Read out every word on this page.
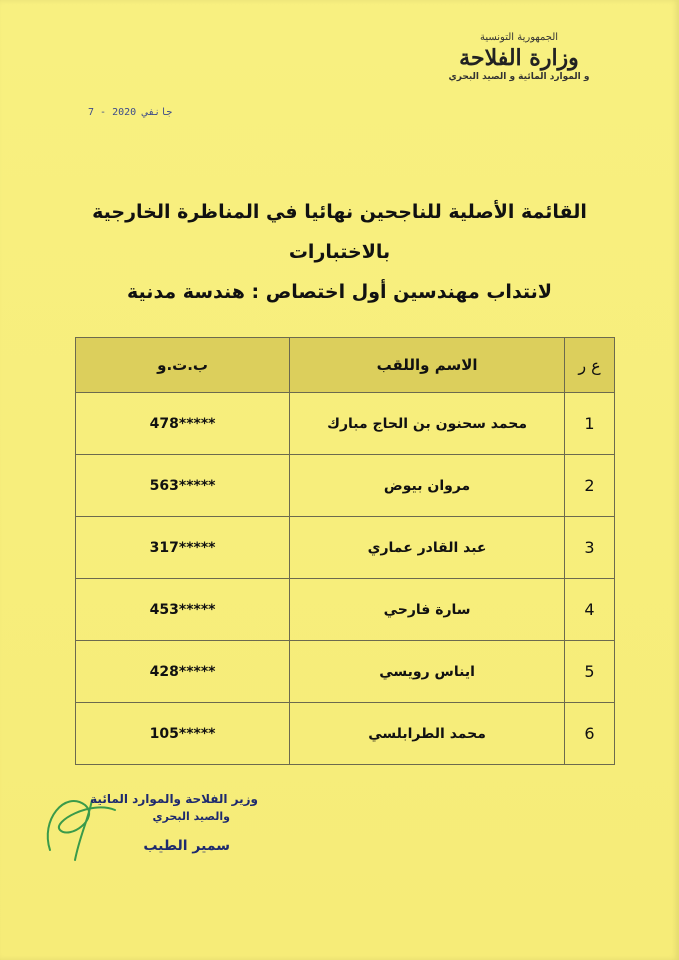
الجمهورية التونسية
وزارة الفلاحة
و الموارد المائية و الصيد البحري
7 - جانفي 2020
القائمة الأصلية للناجحين نهائيا في المناظرة الخارجية بالاختبارات
لانتداب مهندسين أول اختصاص : هندسة مدنية
ع ر	الاسم واللقب	ب.ت.و
1	محمد سحنون بن الحاج مبارك	478*****
2	مروان بيوض	563*****
3	عبد القادر عماري	317*****
4	سارة فارحي	453*****
5	ايناس رويسي	428*****
6	محمد الطرابلسي	105*****
وزير الفلاحة والموارد المائية
والصيد البحري
سمير الطيب
